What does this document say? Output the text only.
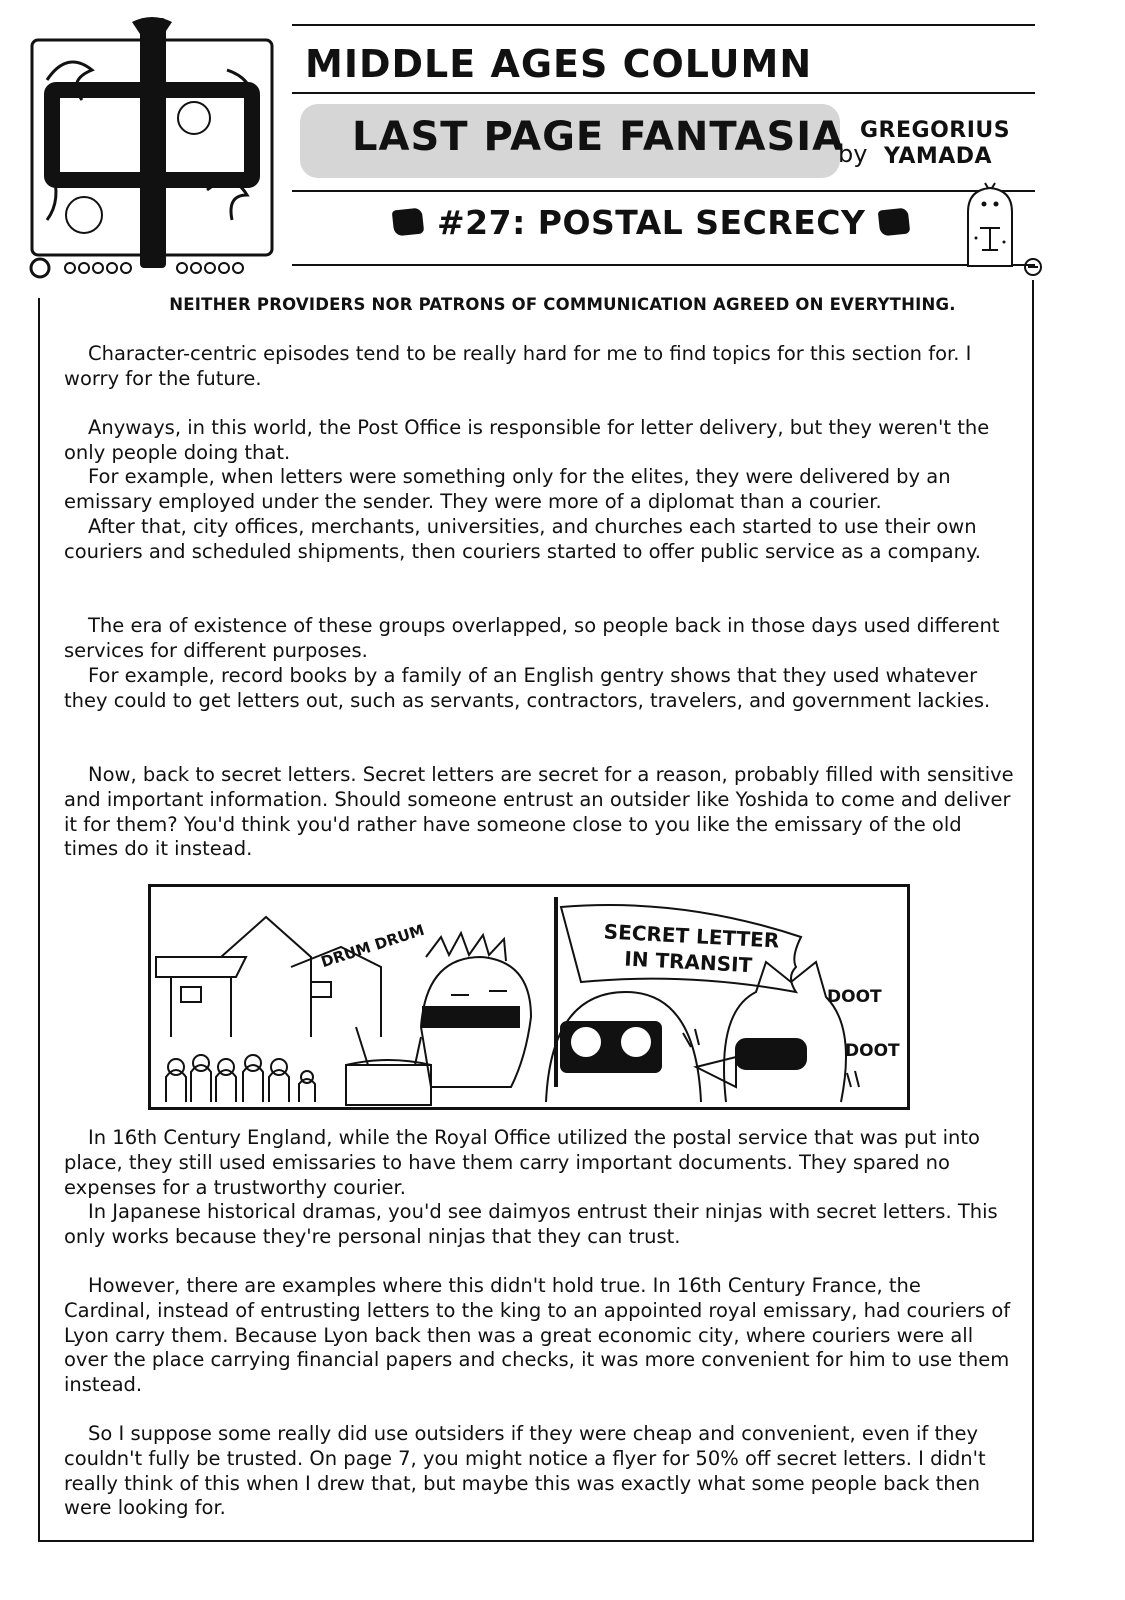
MIDDLE AGES COLUMN
LAST PAGE FANTASIA
by
GREGORIUS
YAMADA
#27: POSTAL SECRECY
NEITHER PROVIDERS NOR PATRONS OF COMMUNICATION AGREED ON EVERYTHING.

Character-centric episodes tend to be really hard for me to find topics for this section for. I worry for the future.

Anyways, in this world, the Post Office is responsible for letter delivery, but they weren't the only people doing that.

For example, when letters were something only for the elites, they were delivered by an emissary employed under the sender. They were more of a diplomat than a courier.

After that, city offices, merchants, universities, and churches each started to use their own couriers and scheduled shipments, then couriers started to offer public service as a company.

The era of existence of these groups overlapped, so people back in those days used different services for different purposes.

For example, record books by a family of an English gentry shows that they used whatever they could to get letters out, such as servants, contractors, travelers, and government lackies.

Now, back to secret letters. Secret letters are secret for a reason, probably filled with sensitive and important information. Should someone entrust an outsider like Yoshida to come and deliver it for them? You'd think you'd rather have someone close to you like the emissary of the old times do it instead.

DRUM DRUM	SECRET LETTER
IN TRANSIT
DOOT
DOOT

In 16th Century England, while the Royal Office utilized the postal service that was put into place, they still used emissaries to have them carry important documents. They spared no expenses for a trustworthy courier.

In Japanese historical dramas, you'd see daimyos entrust their ninjas with secret letters. This only works because they're personal ninjas that they can trust.

However, there are examples where this didn't hold true. In 16th Century France, the Cardinal, instead of entrusting letters to the king to an appointed royal emissary, had couriers of Lyon carry them. Because Lyon back then was a great economic city, where couriers were all over the place carrying financial papers and checks, it was more convenient for him to use them instead.

So I suppose some really did use outsiders if they were cheap and convenient, even if they couldn't fully be trusted. On page 7, you might notice a flyer for 50% off secret letters. I didn't really think of this when I drew that, but maybe this was exactly what some people back then were looking for.
